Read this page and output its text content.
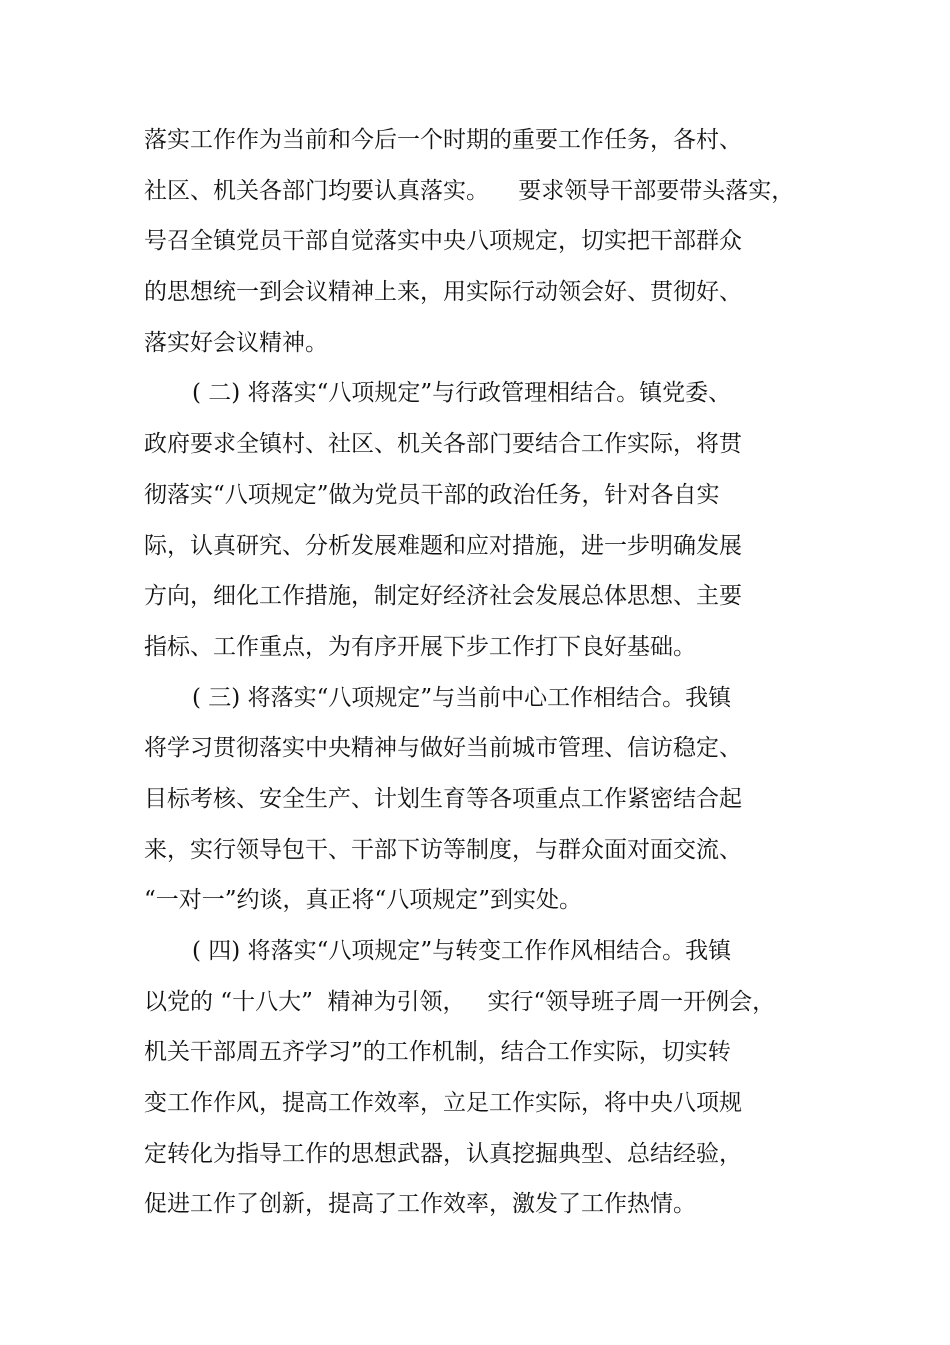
落实工作作为当前和今后一个时期的重要工作任务，各村、
社区、机关各部门均要认真落实。    要求领导干部要带头落实，
号召全镇党员干部自觉落实中央八项规定，切实把干部群众
的思想统一到会议精神上来，用实际行动领会好、贯彻好、
落实好会议精神。
( 二) 将落实“八项规定”与行政管理相结合。镇党委、
政府要求全镇村、社区、机关各部门要结合工作实际，将贯
彻落实“八项规定”做为党员干部的政治任务，针对各自实
际，认真研究、分析发展难题和应对措施，进一步明确发展
方向，细化工作措施，制定好经济社会发展总体思想、主要
指标、工作重点，为有序开展下步工作打下良好基础。
( 三) 将落实“八项规定”与当前中心工作相结合。我镇
将学习贯彻落实中央精神与做好当前城市管理、信访稳定、
目标考核、安全生产、计划生育等各项重点工作紧密结合起
来，实行领导包干、干部下访等制度，与群众面对面交流、
“一对一”约谈，真正将“八项规定”到实处。
( 四) 将落实“八项规定”与转变工作作风相结合。我镇
以党的 “十八大”  精神为引领，   实行“领导班子周一开例会，
机关干部周五齐学习”的工作机制，结合工作实际，切实转
变工作作风，提高工作效率，立足工作实际，将中央八项规
定转化为指导工作的思想武器，认真挖掘典型、总结经验，
促进工作了创新，提高了工作效率，激发了工作热情。
